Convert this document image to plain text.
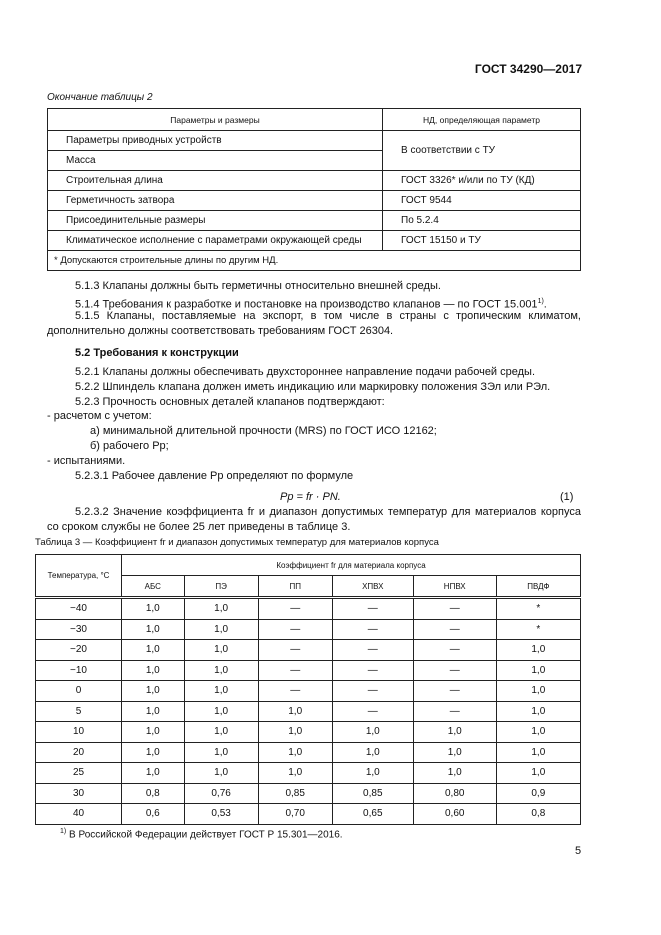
ГОСТ 34290—2017
Окончание таблицы 2
Параметры и размеры	НД, определяющая параметр
Параметры приводных устройств	В соответствии с ТУ
Масса	
Строительная длина	ГОСТ 3326* и/или по ТУ (КД)
Герметичность затвора	ГОСТ 9544
Присоединительные размеры	По 5.2.4
Климатическое исполнение с параметрами окружающей среды	ГОСТ 15150 и ТУ
* Допускаются строительные длины по другим НД.	

5.1.3 Клапаны должны быть герметичны относительно внешней среды.

5.1.4 Требования к разработке и постановке на производство клапанов — по ГОСТ 15.001$^{1)}$.

5.1.5 Клапаны, поставляемые на экспорт, в том числе в страны с тропическим климатом, дополнительно должны соответствовать требованиям ГОСТ 26304.

5.2 Требования к конструкции

5.2.1 Клапаны должны обеспечивать двухстороннее направление подачи рабочей среды.

5.2.2 Шпиндель клапана должен иметь индикацию или маркировку положения ЗЭл или РЭл.

5.2.3 Прочность основных деталей клапанов подтверждают:

- расчетом с учетом:

а) минимальной длительной прочности (MRS) по ГОСТ ИСО 12162;

б) рабочего Pр;

- испытаниями.

5.2.3.1 Рабочее давление Pр определяют по формуле

Pр = fr · PN.	(1)

5.2.3.2 Значение коэффициента fr и диапазон допустимых температур для материалов корпуса со сроком службы не более 25 лет приведены в таблице 3.

Таблица 3 — Коэффициент fr и диапазон допустимых температур для материалов корпуса
Температура, °С	Коэффициент fr для материала корпуса					
	АБС	ПЭ	ПП	ХПВХ	НПВХ	ПВДФ
−40	1,0	1,0	—	—	—	*
−30	1,0	1,0	—	—	—	*
−20	1,0	1,0	—	—	—	1,0
−10	1,0	1,0	—	—	—	1,0
0	1,0	1,0	—	—	—	1,0
5	1,0	1,0	1,0	—	—	1,0
10	1,0	1,0	1,0	1,0	1,0	1,0
20	1,0	1,0	1,0	1,0	1,0	1,0
25	1,0	1,0	1,0	1,0	1,0	1,0
30	0,8	0,76	0,85	0,85	0,80	0,9
40	0,6	0,53	0,70	0,65	0,60	0,8
$^{1)}$ В Российской Федерации действует ГОСТ Р 15.301—2016.
5
